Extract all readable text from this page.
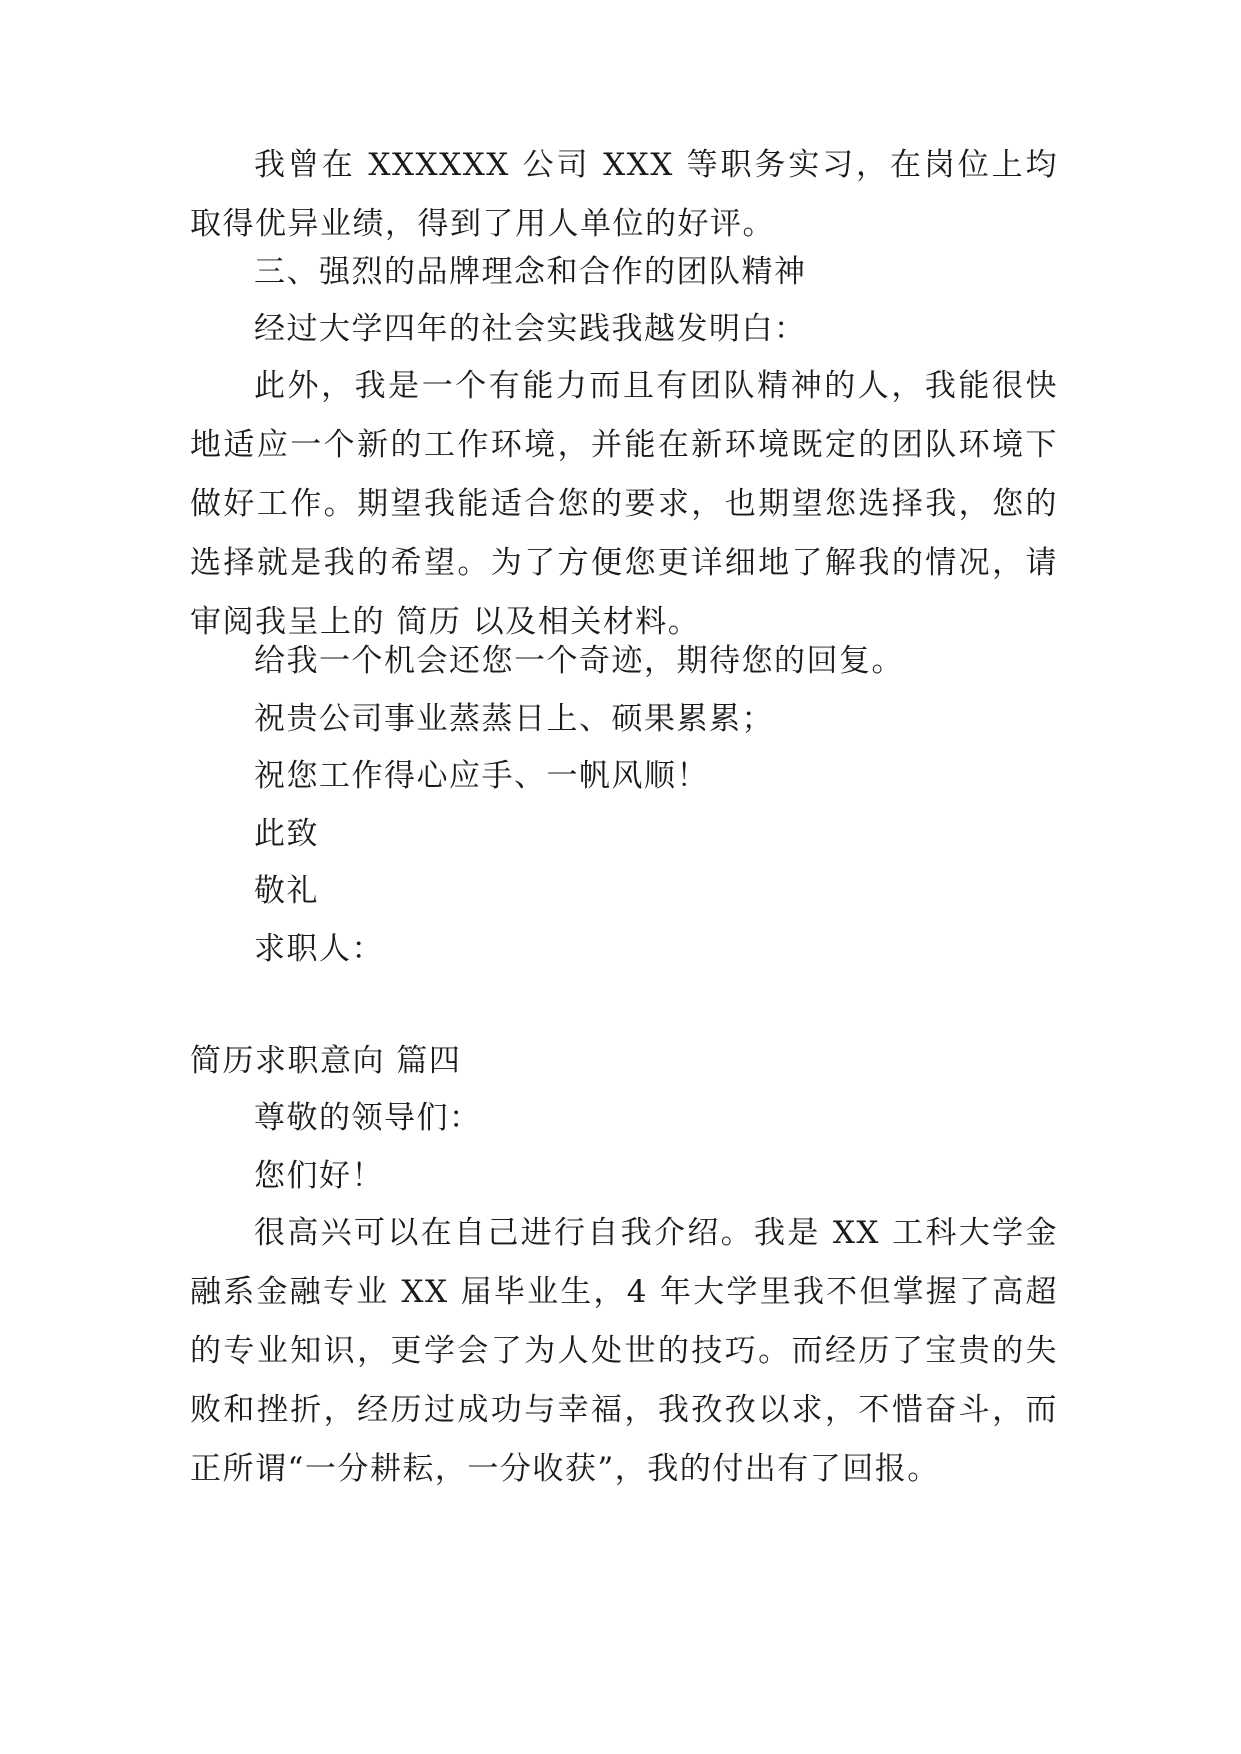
我曾在 XXXXXX 公司 XXX 等职务实习，在岗位上均取得优异业绩，得到了用人单位的好评。

三、强烈的品牌理念和合作的团队精神

经过大学四年的社会实践我越发明白：

此外，我是一个有能力而且有团队精神的人，我能很快地适应一个新的工作环境，并能在新环境既定的团队环境下做好工作。期望我能适合您的要求，也期望您选择我，您的选择就是我的希望。为了方便您更详细地了解我的情况，请审阅我呈上的 简历 以及相关材料。

给我一个机会还您一个奇迹，期待您的回复。

祝贵公司事业蒸蒸日上、硕果累累；

祝您工作得心应手、一帆风顺！

此致

敬礼

求职人：

简历求职意向 篇四

尊敬的领导们：

您们好！

很高兴可以在自己进行自我介绍。我是 XX 工科大学金融系金融专业 XX 届毕业生，4 年大学里我不但掌握了高超的专业知识，更学会了为人处世的技巧。而经历了宝贵的失败和挫折，经历过成功与幸福，我孜孜以求，不惜奋斗，而正所谓“一分耕耘，一分收获”，我的付出有了回报。
